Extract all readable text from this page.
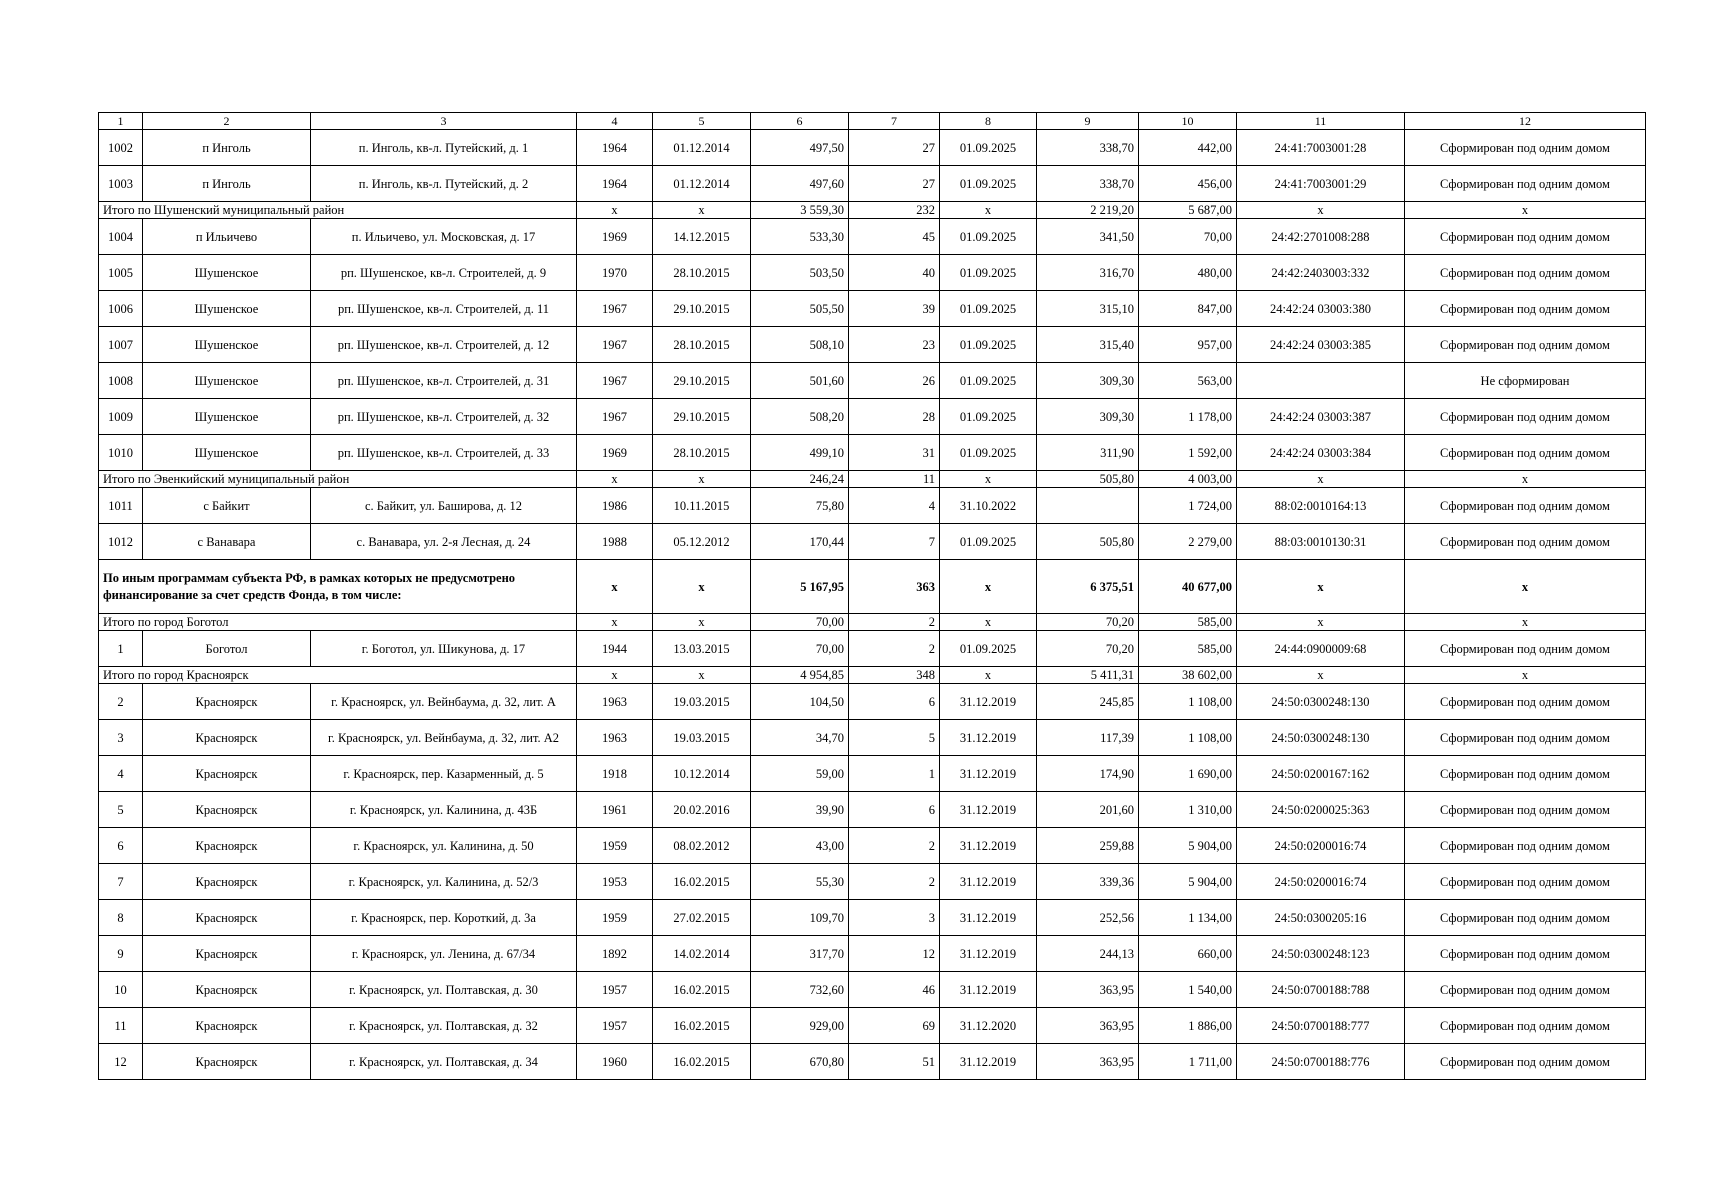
1	2	3	4	5	6	7	8	9	10	11	12
1002	п Инголь	п. Инголь, кв-л. Путейский, д. 1	1964	01.12.2014	497,50	27	01.09.2025	338,70	442,00	24:41:7003001:28	Сформирован под одним домом
1003	п Инголь	п. Инголь, кв-л. Путейский, д. 2	1964	01.12.2014	497,60	27	01.09.2025	338,70	456,00	24:41:7003001:29	Сформирован под одним домом
Итого по Шушенский муниципальный район			x	x	3 559,30	232	x	2 219,20	5 687,00	x	x
1004	п Ильичево	п. Ильичево, ул. Московская, д. 17	1969	14.12.2015	533,30	45	01.09.2025	341,50	70,00	24:42:2701008:288	Сформирован под одним домом
1005	Шушенское	рп. Шушенское, кв-л. Строителей, д. 9	1970	28.10.2015	503,50	40	01.09.2025	316,70	480,00	24:42:2403003:332	Сформирован под одним домом
1006	Шушенское	рп. Шушенское, кв-л. Строителей, д. 11	1967	29.10.2015	505,50	39	01.09.2025	315,10	847,00	24:42:24 03003:380	Сформирован под одним домом
1007	Шушенское	рп. Шушенское, кв-л. Строителей, д. 12	1967	28.10.2015	508,10	23	01.09.2025	315,40	957,00	24:42:24 03003:385	Сформирован под одним домом
1008	Шушенское	рп. Шушенское, кв-л. Строителей, д. 31	1967	29.10.2015	501,60	26	01.09.2025	309,30	563,00		Не сформирован
1009	Шушенское	рп. Шушенское, кв-л. Строителей, д. 32	1967	29.10.2015	508,20	28	01.09.2025	309,30	1 178,00	24:42:24 03003:387	Сформирован под одним домом
1010	Шушенское	рп. Шушенское, кв-л. Строителей, д. 33	1969	28.10.2015	499,10	31	01.09.2025	311,90	1 592,00	24:42:24 03003:384	Сформирован под одним домом
Итого по Эвенкийский муниципальный район			x	x	246,24	11	x	505,80	4 003,00	x	x
1011	с Байкит	с. Байкит, ул. Баширова, д. 12	1986	10.11.2015	75,80	4	31.10.2022		1 724,00	88:02:0010164:13	Сформирован под одним домом
1012	с Ванавара	с. Ванавара, ул. 2-я Лесная, д. 24	1988	05.12.2012	170,44	7	01.09.2025	505,80	2 279,00	88:03:0010130:31	Сформирован под одним домом
По иным программам субъекта РФ, в рамках которых не предусмотрено финансирование за счет средств Фонда, в том числе:			x	x	5 167,95	363	x	6 375,51	40 677,00	x	x
Итого по город Боготол			x	x	70,00	2	x	70,20	585,00	x	x
1	Боготол	г. Боготол, ул. Шикунова, д. 17	1944	13.03.2015	70,00	2	01.09.2025	70,20	585,00	24:44:0900009:68	Сформирован под одним домом
Итого по город Красноярск			x	x	4 954,85	348	x	5 411,31	38 602,00	x	x
2	Красноярск	г. Красноярск, ул. Вейнбаума, д. 32, лит. А	1963	19.03.2015	104,50	6	31.12.2019	245,85	1 108,00	24:50:0300248:130	Сформирован под одним домом
3	Красноярск	г. Красноярск, ул. Вейнбаума, д. 32, лит. А2	1963	19.03.2015	34,70	5	31.12.2019	117,39	1 108,00	24:50:0300248:130	Сформирован под одним домом
4	Красноярск	г. Красноярск, пер. Казарменный, д. 5	1918	10.12.2014	59,00	1	31.12.2019	174,90	1 690,00	24:50:0200167:162	Сформирован под одним домом
5	Красноярск	г. Красноярск, ул. Калинина, д. 43Б	1961	20.02.2016	39,90	6	31.12.2019	201,60	1 310,00	24:50:0200025:363	Сформирован под одним домом
6	Красноярск	г. Красноярск, ул. Калинина, д. 50	1959	08.02.2012	43,00	2	31.12.2019	259,88	5 904,00	24:50:0200016:74	Сформирован под одним домом
7	Красноярск	г. Красноярск, ул. Калинина, д. 52/3	1953	16.02.2015	55,30	2	31.12.2019	339,36	5 904,00	24:50:0200016:74	Сформирован под одним домом
8	Красноярск	г. Красноярск, пер. Короткий, д. 3а	1959	27.02.2015	109,70	3	31.12.2019	252,56	1 134,00	24:50:0300205:16	Сформирован под одним домом
9	Красноярск	г. Красноярск, ул. Ленина, д. 67/34	1892	14.02.2014	317,70	12	31.12.2019	244,13	660,00	24:50:0300248:123	Сформирован под одним домом
10	Красноярск	г. Красноярск, ул. Полтавская, д. 30	1957	16.02.2015	732,60	46	31.12.2019	363,95	1 540,00	24:50:0700188:788	Сформирован под одним домом
11	Красноярск	г. Красноярск, ул. Полтавская, д. 32	1957	16.02.2015	929,00	69	31.12.2020	363,95	1 886,00	24:50:0700188:777	Сформирован под одним домом
12	Красноярск	г. Красноярск, ул. Полтавская, д. 34	1960	16.02.2015	670,80	51	31.12.2019	363,95	1 711,00	24:50:0700188:776	Сформирован под одним домом
